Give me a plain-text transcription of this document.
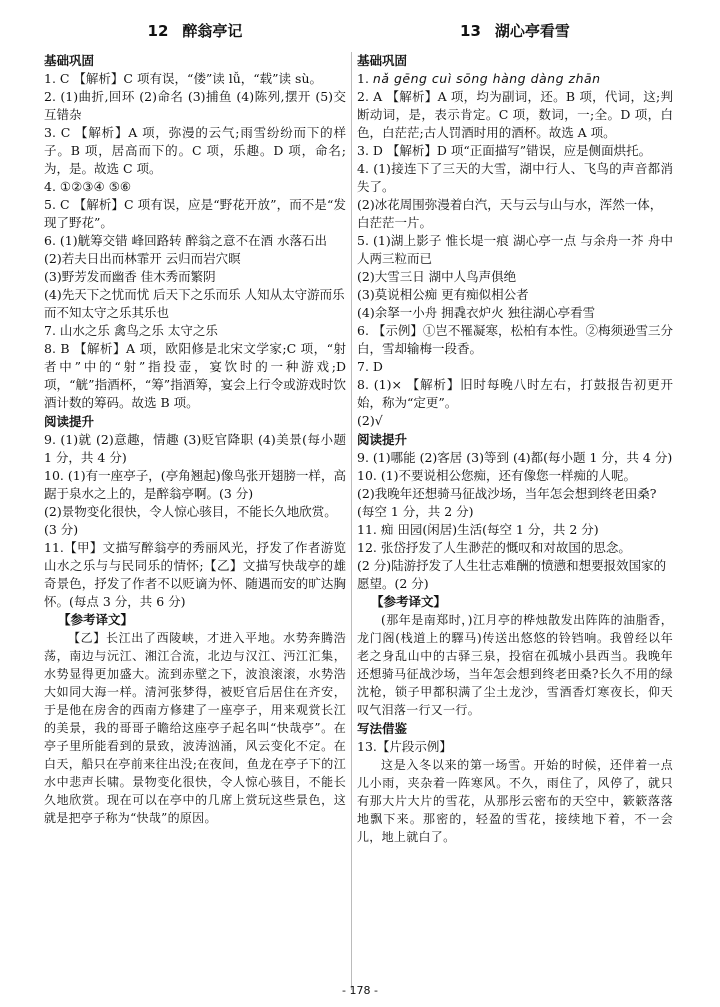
12 醉翁亭记
基础巩固

1. C 【解析】C 项有误，“偻”读 lǚ，“载”读 sù。

2. (1)曲折,回环 (2)命名 (3)捕鱼 (4)陈列,摆开 (5)交互错杂

3. C 【解析】A 项，弥漫的云气;雨雪纷纷而下的样子。B 项，居高而下的。C 项，乐趣。D 项，命名;为，是。故选 C 项。

4. ①②③④ ⑤⑥

5. C 【解析】C 项有误，应是“野花开放”，而不是“发现了野花”。

6. (1)觥筹交错 峰回路转 醉翁之意不在酒 水落石出

(2)若夫日出而林霏开 云归而岩穴暝

(3)野芳发而幽香 佳木秀而繁阴

(4)先天下之忧而忧 后天下之乐而乐 人知从太守游而乐 而不知太守之乐其乐也

7. 山水之乐 禽鸟之乐 太守之乐

8. B 【解析】A 项，欧阳修是北宋文学家;C 项，“射者中”中的“射”指投壶，宴饮时的一种游戏;D 项，“觥”指酒杯，“筹”指酒筹，宴会上行令或游戏时饮酒计数的筹码。故选 B 项。

阅读提升

9. (1)就 (2)意趣，情趣 (3)贬官降职 (4)美景(每小题 1 分，共 4 分)

10. (1)有一座亭子，(亭角翘起)像鸟张开翅膀一样，高踞于泉水之上的，是醉翁亭啊。(3 分)

(2)景物变化很快，令人惊心骇目，不能长久地欣赏。(3 分)

11.【甲】文描写醉翁亭的秀丽风光，抒发了作者游览山水之乐与与民同乐的情怀;【乙】文描写快哉亭的雄奇景色，抒发了作者不以贬谪为怀、随遇而安的旷达胸怀。(每点 3 分，共 6 分)

【参考译文】

【乙】长江出了西陵峡，才进入平地。水势奔腾浩荡，南边与沅江、湘江合流，北边与汉江、沔江汇集，水势显得更加盛大。流到赤壁之下，波浪滚滚，水势浩大如同大海一样。清河张梦得，被贬官后居住在齐安，于是他在房舍的西南方修建了一座亭子，用来观赏长江的美景，我的哥哥子瞻给这座亭子起名叫“快哉亭”。在亭子里所能看到的景致，波涛汹涌，风云变化不定。在白天，船只在亭前来往出没;在夜间，鱼龙在亭子下的江水中悲声长啸。景物变化很快，令人惊心骇目，不能长久地欣赏。现在可以在亭中的几席上赏玩这些景色，这就是把亭子称为“快哉”的原因。

13 湖心亭看雪
基础巩固

1. nǎ gēng cuì sōng hàng dàng zhān

2. A 【解析】A 项，均为副词，还。B 项，代词，这;判断动词，是，表示肯定。C 项，数词，一;全。D 项，白色，白茫茫;古人罚酒时用的酒杯。故选 A 项。

3. D 【解析】D 项“正面描写”错误，应是侧面烘托。

4. (1)接连下了三天的大雪，湖中行人、飞鸟的声音都消失了。

(2)冰花周围弥漫着白汽，天与云与山与水，浑然一体，白茫茫一片。

5. (1)湖上影子 惟长堤一痕 湖心亭一点 与余舟一芥 舟中人两三粒而已

(2)大雪三日 湖中人鸟声俱绝

(3)莫说相公痴 更有痴似相公者

(4)余拏一小舟 拥毳衣炉火 独往湖心亭看雪

6. 【示例】①岂不罹凝寒，松柏有本性。②梅须逊雪三分白，雪却输梅一段香。

7. D

8. (1)× 【解析】旧时每晚八时左右，打鼓报告初更开始，称为“定更”。

(2)√

阅读提升

9. (1)哪能 (2)客居 (3)等到 (4)都(每小题 1 分，共 4 分)

10. (1)不要说相公您痴，还有像您一样痴的人呢。

(2)我晚年还想骑马征战沙场，当年怎会想到终老田桑?(每空 1 分，共 2 分)

11. 痴 田园(闲居)生活(每空 1 分，共 2 分)

12. 张岱抒发了人生渺茫的慨叹和对故国的思念。

(2 分)陆游抒发了人生壮志难酬的愤懑和想要报效国家的愿望。(2 分)

【参考译文】

(那年是南郑时，)江月亭的桦烛散发出阵阵的油脂香，龙门阁(栈道上的驛马)传送出悠悠的铃铛响。我曾经以年老之身乱山中的古驿三泉，投宿在孤城小县西当。我晚年还想骑马征战沙场，当年怎会想到终老田桑?长久不用的绿沈枪，锁子甲都积满了尘土龙沙，雪酒香灯寒夜长，仰天叹气泪落一行又一行。

写法借鉴

13.【片段示例】

这是入冬以来的第一场雪。开始的时候，还伴着一点儿小雨，夹杂着一阵寒风。不久，雨住了，风停了，就只有那大片大片的雪花，从那彤云密布的天空中，簌簌落落地飘下来。那密的，轻盈的雪花，接续地下着，不一会儿，地上就白了。

- 178 -
